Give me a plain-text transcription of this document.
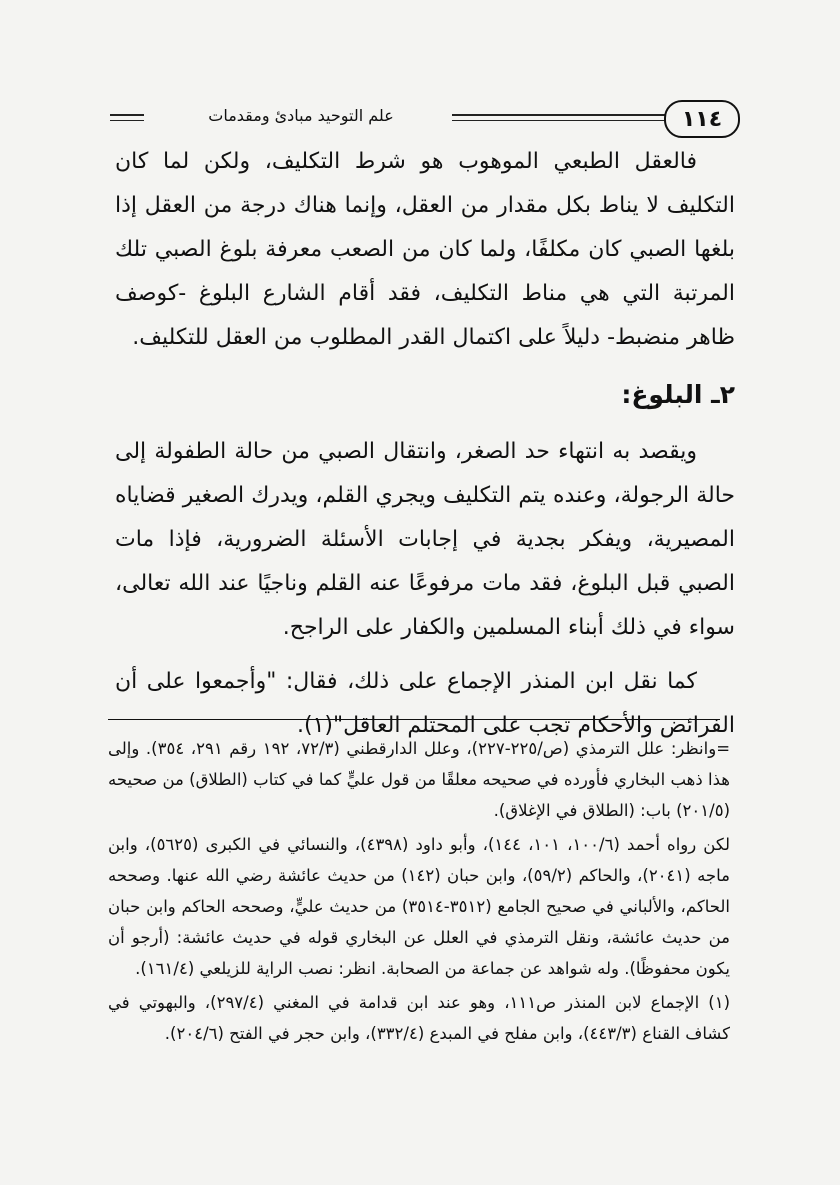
علم التوحيد مبادئ ومقدمات	١١٤

فالعقل الطبعي الموهوب هو شرط التكليف، ولكن لما كان التكليف لا يناط بكل مقدار من العقل، وإنما هناك درجة من العقل إذا بلغها الصبي كان مكلفًا، ولما كان من الصعب معرفة بلوغ الصبي تلك المرتبة التي هي مناط التكليف، فقد أقام الشارع البلوغ -كوصف ظاهر منضبط- دليلاً على اكتمال القدر المطلوب من العقل للتكليف.

٢ـ البلوغ:

ويقصد به انتهاء حد الصغر، وانتقال الصبي من حالة الطفولة إلى حالة الرجولة، وعنده يتم التكليف ويجري القلم، ويدرك الصغير قضاياه المصيرية، ويفكر بجدية في إجابات الأسئلة الضرورية، فإذا مات الصبي قبل البلوغ، فقد مات مرفوعًا عنه القلم وناجيًا عند الله تعالى، سواء في ذلك أبناء المسلمين والكفار على الراجح.

كما نقل ابن المنذر الإجماع على ذلك، فقال: "وأجمعوا على أن الفرائض والأحكام تجب على المحتلم العاقل"(١).

=وانظر: علل الترمذي (ص/٢٢٥-٢٢٧)، وعلل الدارقطني (٧٢/٣، ١٩٢ رقم ٢٩١، ٣٥٤). وإلى هذا ذهب البخاري فأورده في صحيحه معلقًا من قول عليٍّ كما في كتاب (الطلاق) من صحيحه (٢٠١/٥) باب: (الطلاق في الإغلاق).

لكن رواه أحمد (١٠٠/٦، ١٠١، ١٤٤)، وأبو داود (٤٣٩٨)، والنسائي في الكبرى (٥٦٢٥)، وابن ماجه (٢٠٤١)، والحاكم (٥٩/٢)، وابن حبان (١٤٢) من حديث عائشة رضي الله عنها. وصححه الحاكم، والألباني في صحيح الجامع (٣٥١٢-٣٥١٤) من حديث عليٍّ، وصححه الحاكم وابن حبان من حديث عائشة، ونقل الترمذي في العلل عن البخاري قوله في حديث عائشة: (أرجو أن يكون محفوظًا). وله شواهد عن جماعة من الصحابة. انظر: نصب الراية للزيلعي (١٦١/٤).

(١) الإجماع لابن المنذر ص١١١، وهو عند ابن قدامة في المغني (٢٩٧/٤)، والبهوتي في كشاف القناع (٤٤٣/٣)، وابن مفلح في المبدع (٣٣٢/٤)، وابن حجر في الفتح (٢٠٤/٦).
